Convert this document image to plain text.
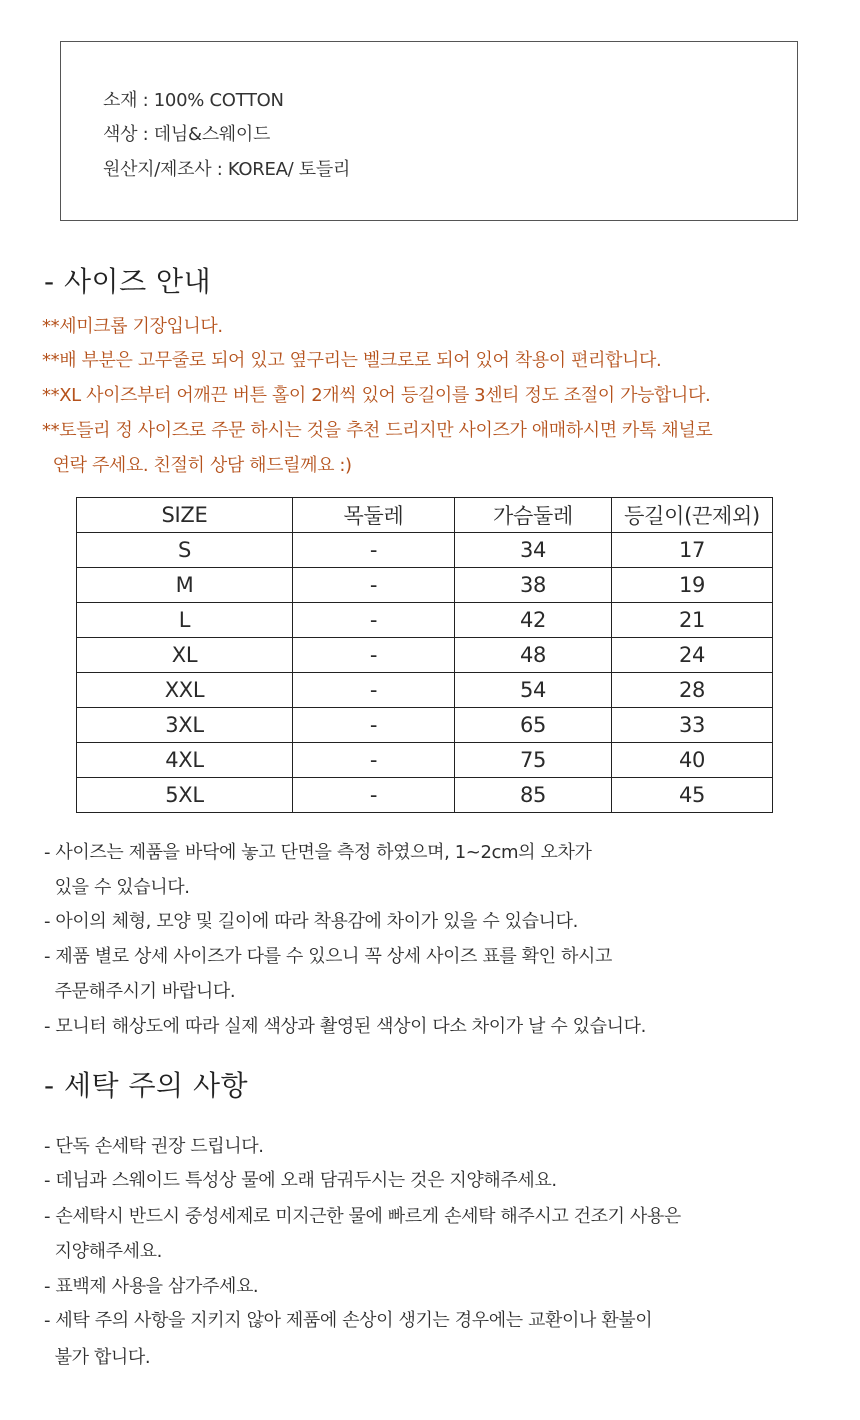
소재 : 100% COTTON
색상 : 데님&스웨이드
원산지/제조사 : KOREA/ 토들리
- 사이즈 안내
**세미크롭 기장입니다.
**배 부분은 고무줄로 되어 있고 옆구리는 벨크로로 되어 있어 착용이 편리합니다.
**XL 사이즈부터 어깨끈 버튼 홀이 2개씩 있어 등길이를 3센티 정도 조절이 가능합니다.
**토들리 정 사이즈로 주문 하시는 것을 추천 드리지만 사이즈가 애매하시면 카톡 채널로
연락 주세요. 친절히 상담 해드릴께요 :)
SIZE	목둘레	가슴둘레	등길이(끈제외)
S	-	34	17
M	-	38	19
L	-	42	21
XL	-	48	24
XXL	-	54	28
3XL	-	65	33
4XL	-	75	40
5XL	-	85	45
- 사이즈는 제품을 바닥에 놓고 단면을 측정 하였으며, 1~2cm의 오차가
있을 수 있습니다.
- 아이의 체형, 모양 및 길이에 따라 착용감에 차이가 있을 수 있습니다.
- 제품 별로 상세 사이즈가 다를 수 있으니 꼭 상세 사이즈 표를 확인 하시고
주문해주시기 바랍니다.
- 모니터 해상도에 따라 실제 색상과 촬영된 색상이 다소 차이가 날 수 있습니다.
- 세탁 주의 사항
- 단독 손세탁 권장 드립니다.
- 데님과 스웨이드 특성상 물에 오래 담궈두시는 것은 지양해주세요.
- 손세탁시 반드시 중성세제로 미지근한 물에 빠르게 손세탁 해주시고 건조기 사용은
지양해주세요.
- 표백제 사용을 삼가주세요.
- 세탁 주의 사항을 지키지 않아 제품에 손상이 생기는 경우에는 교환이나 환불이
불가 합니다.
